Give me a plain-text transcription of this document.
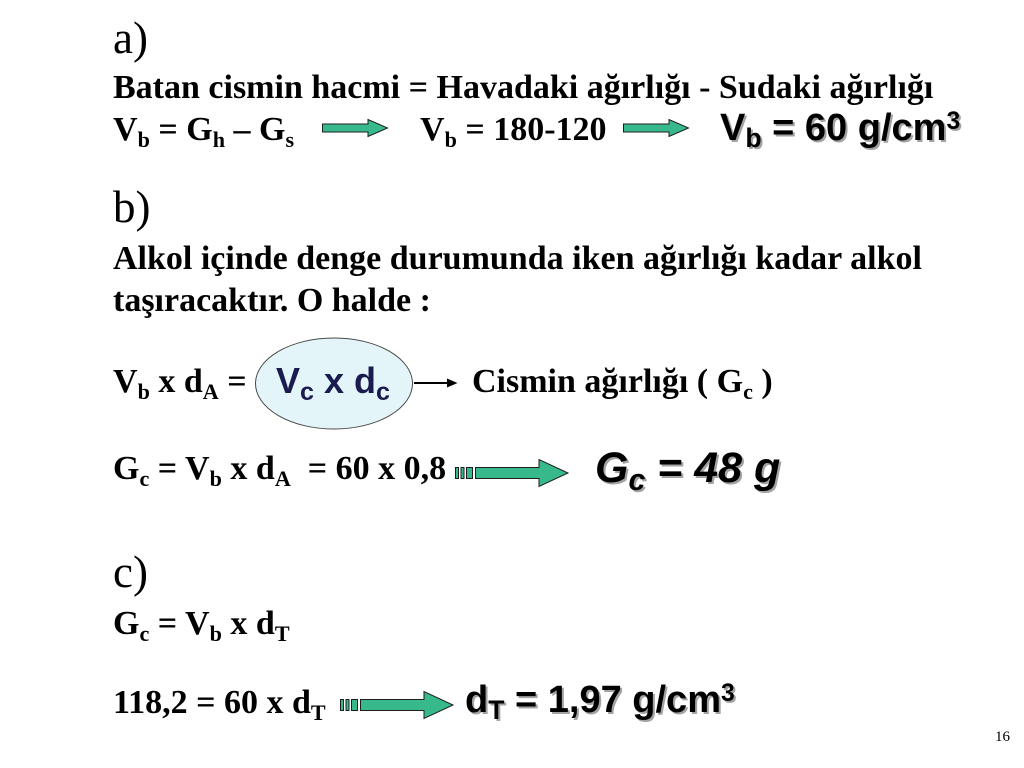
a)
Batan cismin hacmi = Havadaki ağırlığı - Sudaki ağırlığı
V b = G h – G s	V b = 180-120	V b = 60 g/cm 3
b)
Alkol içinde denge durumunda iken ağırlığı kadar alkol
taşıracaktır. O halde :
V b x d A = V c x d c Cismin ağırlığı ( G c )
G c = V b x d A = 60 x 0,8	G c = 48 g
c)
G c = V b x d T
118,2 = 60 x d T	d T = 1,97 g/cm 3
16
